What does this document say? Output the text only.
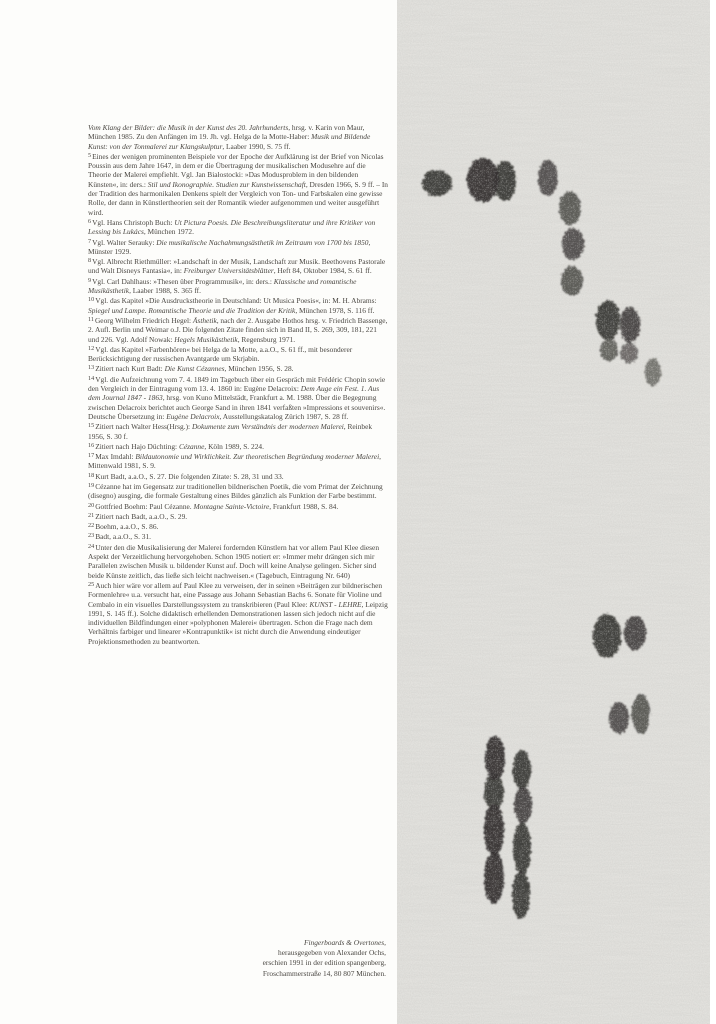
Vom Klang der Bilder: die Musik in der Kunst des 20. Jahrhunderts, hrsg. v. Karin von Maur, München 1985. Zu den Anfängen im 19. Jh. vgl. Helga de la Motte-Haber: Musik und Bildende Kunst: von der Tonmalerei zur Klangskulptur, Laaber 1990, S. 75 ff.

$^5$Eines der wenigen prominenten Beispiele vor der Epoche der Aufklärung ist der Brief von Nicolas Poussin aus dem Jahre 1647, in dem er die Übertragung der musikalischen Modusehre auf die Theorie der Malerei empfiehlt. Vgl. Jan Białostocki: »Das Modusproblem in den bildenden Künsten«, in: ders.: Stil und Ikonographie. Studien zur Kunstwissenschaft, Dresden 1966, S. 9 ff. – In der Tradition des harmonikalen Denkens spielt der Vergleich von Ton- und Farbskalen eine gewisse Rolle, der dann in Künstlertheorien seit der Romantik wieder aufgenommen und weiter ausgeführt wird.

$^6$Vgl. Hans Christoph Buch: Ut Pictura Poesis. Die Beschreibungsliteratur und ihre Kritiker von Lessing bis Lukács, München 1972.

$^7$Vgl. Walter Serauky: Die musikalische Nachahmungsästhetik im Zeitraum von 1700 bis 1850, Münster 1929.

$^8$Vgl. Albrecht Riethmüller: »Landschaft in der Musik, Landschaft zur Musik. Beethovens Pastorale und Walt Disneys Fantasia«, in: Freiburger Universitätsblätter, Heft 84, Oktober 1984, S. 61 ff.

$^9$Vgl. Carl Dahlhaus: »Thesen über Programmusik«, in: ders.: Klassische und romantische Musikästhetik, Laaber 1988, S. 365 ff.

$^{10}$Vgl. das Kapitel »Die Ausdruckstheorie in Deutschland: Ut Musica Poesis«, in: M. H. Abrams: Spiegel und Lampe. Romantische Theorie und die Tradition der Kritik, München 1978, S. 116 ff.

$^{11}$Georg Wilhelm Friedrich Hegel: Ästhetik, nach der 2. Ausgabe Hothos hrsg. v. Friedrich Bassenge, 2. Aufl. Berlin und Weimar o.J. Die folgenden Zitate finden sich in Band II, S. 269, 309, 181, 221 und 226. Vgl. Adolf Nowak: Hegels Musikästhetik, Regensburg 1971.

$^{12}$Vgl. das Kapitel »Farbenhören« bei Helga de la Motte, a.a.O., S. 61 ff., mit besonderer Berücksichtigung der russischen Avantgarde um Skrjabin.

$^{13}$Zitiert nach Kurt Badt: Die Kunst Cézannes, München 1956, S. 28.

$^{14}$Vgl. die Aufzeichnung vom 7. 4. 1849 im Tagebuch über ein Gespräch mit Frédéric Chopin sowie den Vergleich in der Eintragung vom 13. 4. 1860 in: Eugène Delacroix: Dem Auge ein Fest. 1. Aus dem Journal 1847 - 1863, hrsg. von Kuno Mittelstädt, Frankfurt a. M. 1988. Über die Begegnung zwischen Delacroix berichtet auch George Sand in ihren 1841 verfaßten »Impressions et souvenirs«. Deutsche Übersetzung in: Eugène Delacroix, Ausstellungskatalog Zürich 1987, S. 28 ff.

$^{15}$Zitiert nach Walter Hess(Hrsg.): Dokumente zum Verständnis der modernen Malerei, Reinbek 1956, S. 30 f.

$^{16}$Zitiert nach Hajo Düchting: Cézanne, Köln 1989, S. 224.

$^{17}$Max Imdahl: Bildautonomie und Wirklichkeit. Zur theoretischen Begründung moderner Malerei, Mittenwald 1981, S. 9.

$^{18}$Kurt Badt, a.a.O., S. 27. Die folgenden Zitate: S. 28, 31 und 33.

$^{19}$Cézanne hat im Gegensatz zur traditionellen bildnerischen Poetik, die vom Primat der Zeichnung (disegno) ausging, die formale Gestaltung eines Bildes gänzlich als Funktion der Farbe bestimmt.

$^{20}$Gottfried Boehm: Paul Cézanne. Montagne Sainte-Victoire, Frankfurt 1988, S. 84.

$^{21}$Zitiert nach Badt, a.a.O., S. 29.

$^{22}$Boehm, a.a.O., S. 86.

$^{23}$Badt, a.a.O., S. 31.

$^{24}$Unter den die Musikalisierung der Malerei fordernden Künstlern hat vor allem Paul Klee diesen Aspekt der Verzeitlichung hervorgehoben. Schon 1905 notiert er: »Immer mehr drängen sich mir Parallelen zwischen Musik u. bildender Kunst auf. Doch will keine Analyse gelingen. Sicher sind beide Künste zeitlich, das ließe sich leicht nachweisen.« (Tagebuch, Eintragung Nr. 640)

$^{25}$Auch hier wäre vor allem auf Paul Klee zu verweisen, der in seinen »Beiträgen zur bildnerischen Formenlehre« u.a. versucht hat, eine Passage aus Johann Sebastian Bachs 6. Sonate für Violine und Cembalo in ein visuelles Darstellungssystem zu transkribieren (Paul Klee: KUNST - LEHRE, Leipzig 1991, S. 145 ff.). Solche didaktisch erhellenden Demonstrationen lassen sich jedoch nicht auf die individuellen Bildfindungen einer »polyphonen Malerei« übertragen. Schon die Frage nach dem Verhältnis farbiger und linearer »Kontrapunktik« ist nicht durch die Anwendung eindeutiger Projektionsmethoden zu beantworten.

Fingerboards & Overtones,
herausgegeben von Alexander Ochs,
erschien 1991 in der edition spangenberg,
Froschammerstraße 14, 80 807 München.
